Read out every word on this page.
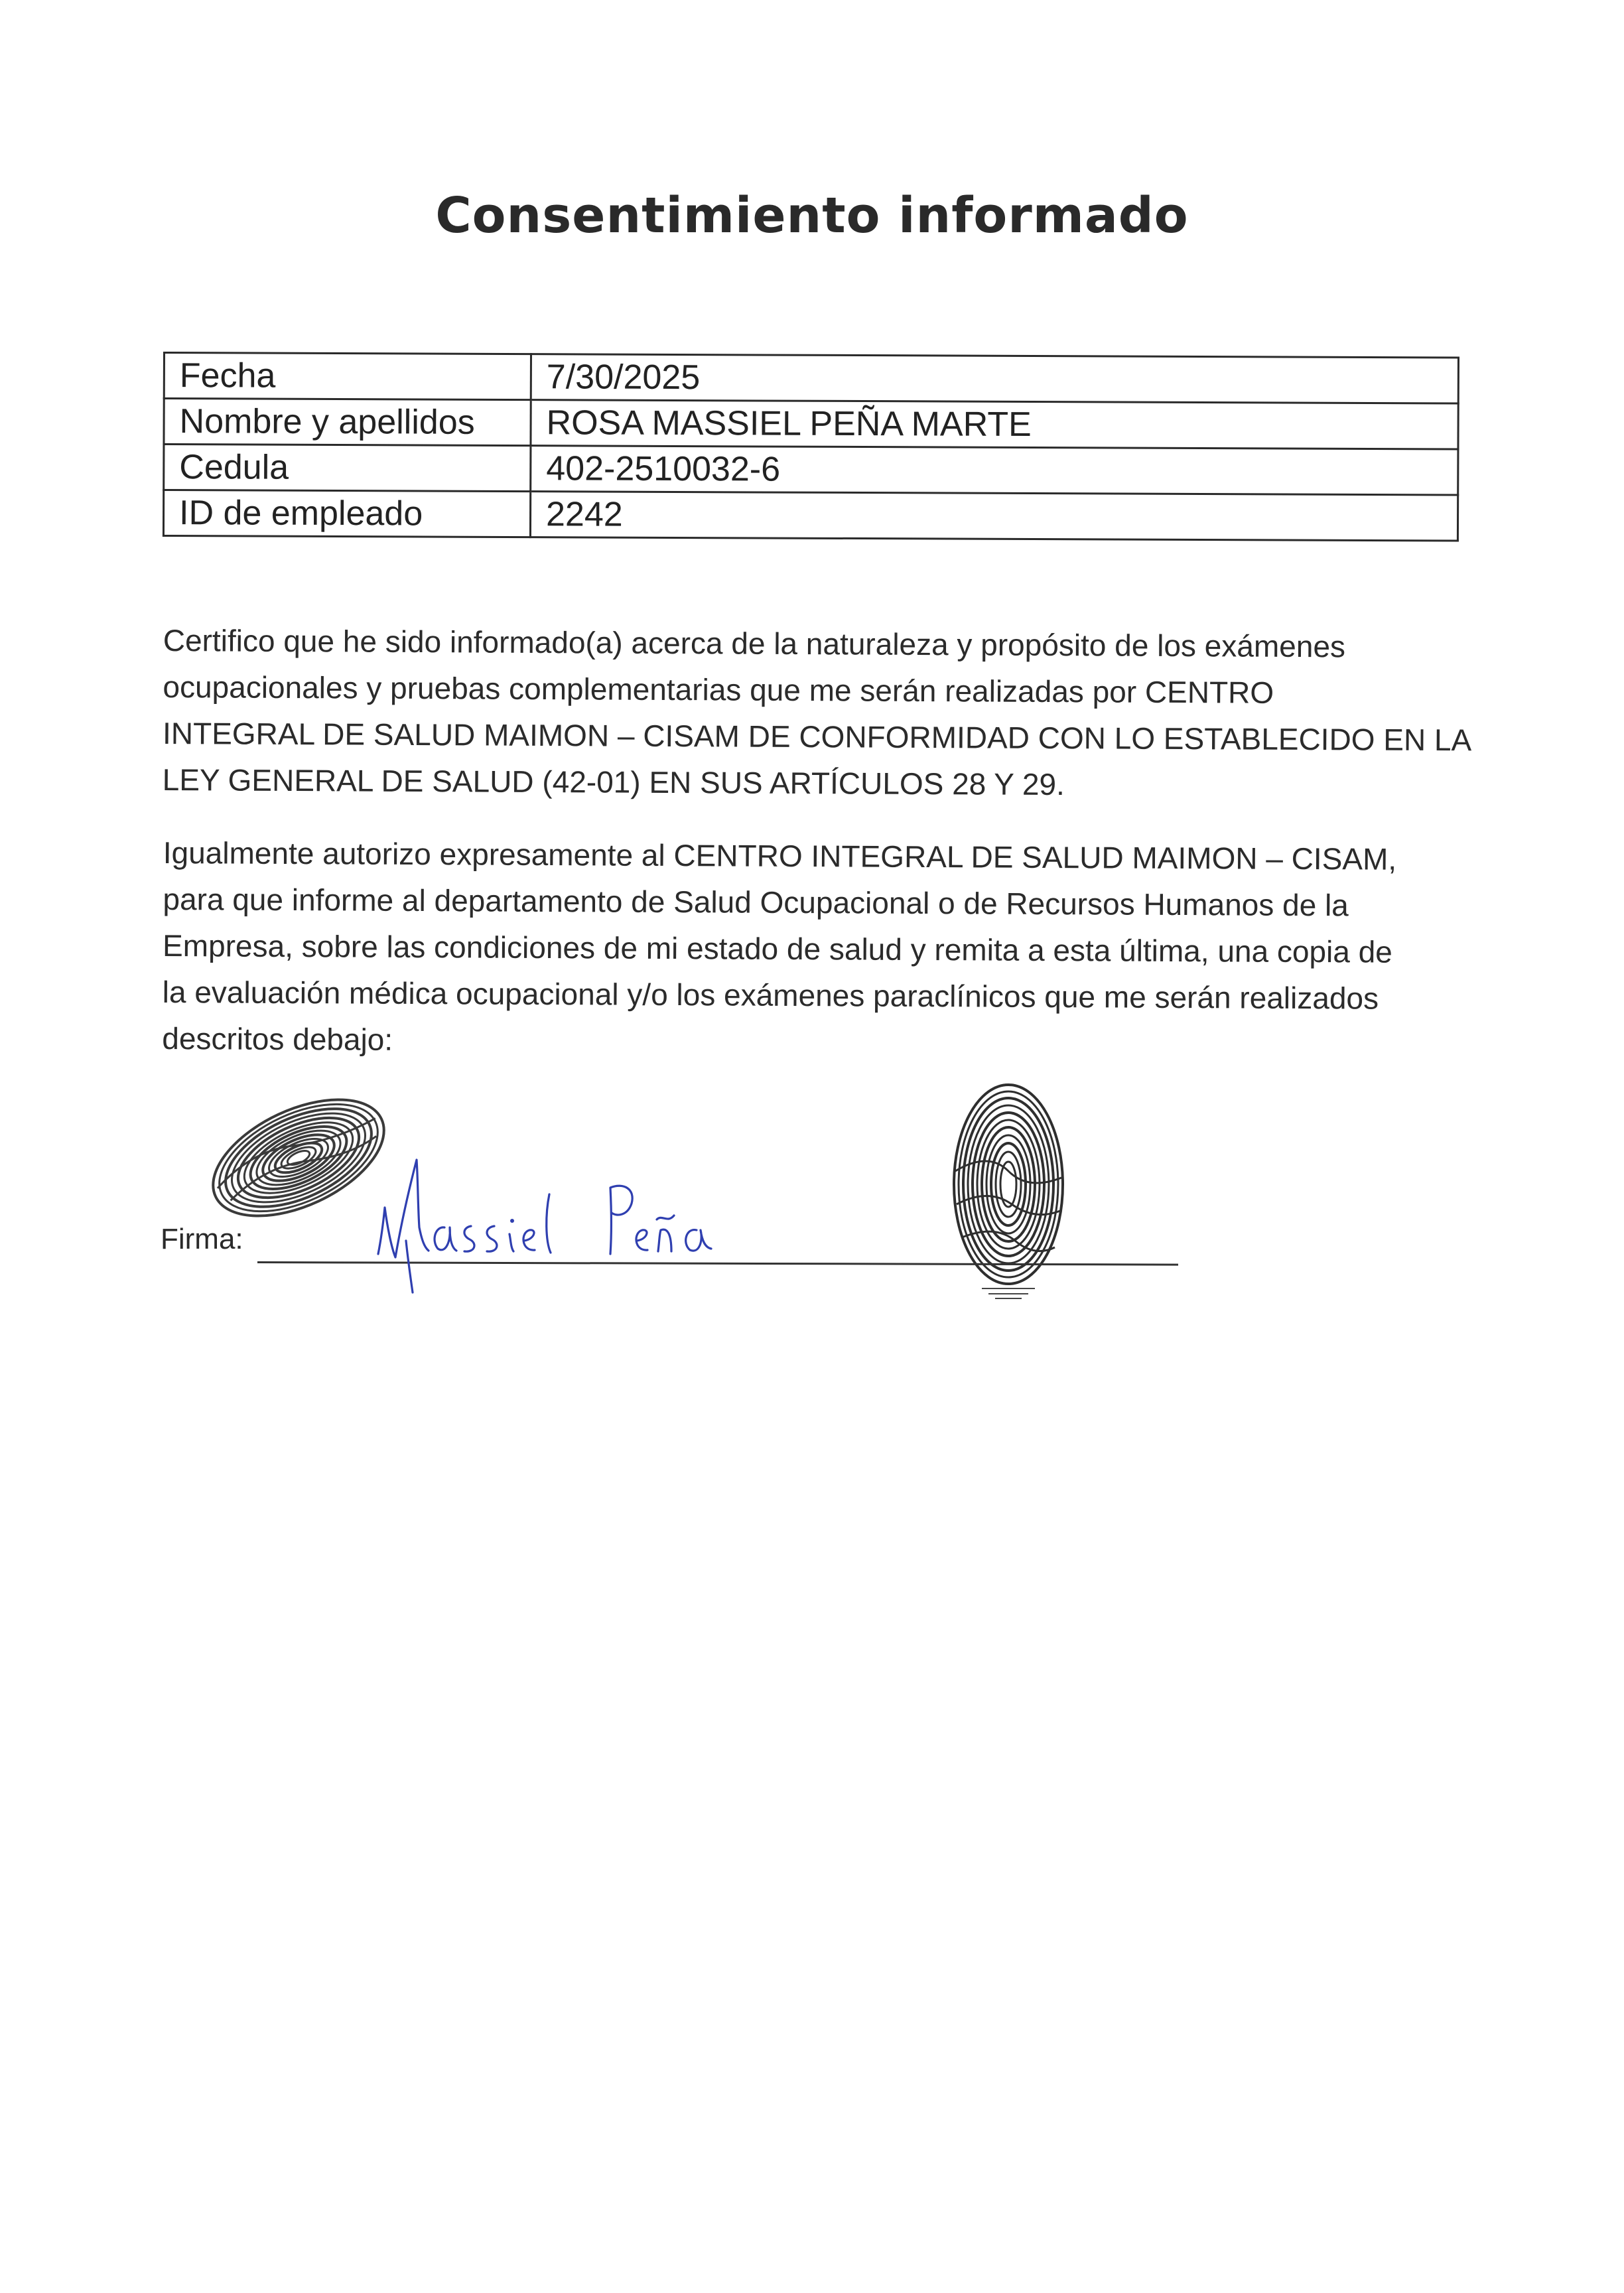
Consentimiento informado
Fecha	7/30/2025
Nombre y apellidos	ROSA MASSIEL PEÑA MARTE
Cedula	402-2510032-6
ID de empleado	2242

Certifico que he sido informado(a) acerca de la naturaleza y propósito de los exámenes
ocupacionales y pruebas complementarias que me serán realizadas por CENTRO
INTEGRAL DE SALUD MAIMON – CISAM DE CONFORMIDAD CON LO ESTABLECIDO EN LA
LEY GENERAL DE SALUD (42-01) EN SUS ARTÍCULOS 28 Y 29.

Igualmente autorizo expresamente al CENTRO INTEGRAL DE SALUD MAIMON – CISAM,
para que informe al departamento de Salud Ocupacional o de Recursos Humanos de la
Empresa, sobre las condiciones de mi estado de salud y remita a esta última, una copia de
la evaluación médica ocupacional y/o los exámenes paraclínicos que me serán realizados
descritos debajo:

Firma:
